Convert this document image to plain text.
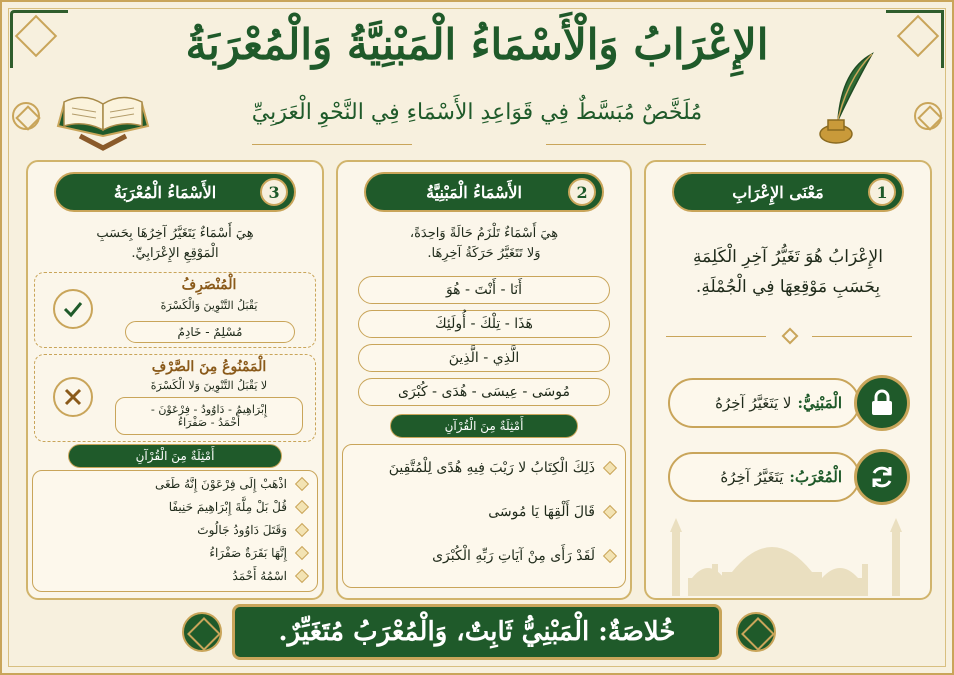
الإِعْرَابُ وَالْأَسْمَاءُ الْمَبْنِيَّةُ وَالْمُعْرَبَةُ
مُلَخَّصٌ مُبَسَّطٌ فِي قَوَاعِدِ الأَسْمَاءِ فِي النَّحْوِ الْعَرَبِيِّ
1
مَعْنَى الإِعْرَابِ
الإِعْرَابُ هُوَ تَغَيُّرُ آخِرِ الْكَلِمَةِ
بِحَسَبِ مَوْقِعِهَا فِي الْجُمْلَةِ.
الْمَبْنِيُّ:
لا يَتَغَيَّرُ آخِرُهُ
الْمُعْرَبُ:
يَتَغَيَّرُ آخِرُهُ
2
الأَسْمَاءُ الْمَبْنِيَّةُ
هِيَ أَسْمَاءٌ تَلْزَمُ حَالَةً وَاحِدَةً،
وَلا تَتَغَيَّرُ حَرَكَةُ آخِرِهَا.
أَنَا - أَنْتَ - هُوَ
هَذَا - تِلْكَ - أُولَئِكَ
الَّذِي - الَّذِينَ
مُوسَى - عِيسَى - هُدَى - كُبْرَى
أَمْثِلَةٌ مِنَ الْقُرْآنِ
ذَلِكَ الْكِتَابُ لا رَيْبَ فِيهِ هُدًى لِلْمُتَّقِينَ
قَالَ أَلْقِهَا يَا مُوسَى
لَقَدْ رَأَى مِنْ آيَاتِ رَبِّهِ الْكُبْرَى
3
الأَسْمَاءُ الْمُعْرَبَةُ
هِيَ أَسْمَاءٌ يَتَغَيَّرُ آخِرُهَا بِحَسَبِ
الْمَوْقِعِ الإِعْرَابِيِّ.
الْمُنْصَرِفُ
يَقْبَلُ التَّنْوِينَ وَالْكَسْرَةَ
مُسْلِمٌ - خَادِمٌ
الْمَمْنُوعُ مِنَ الصَّرْفِ
لا يَقْبَلُ التَّنْوِينَ وَلا الْكَسْرَةَ
إِبْرَاهِيمُ - دَاوُودُ - فِرْعَوْنَ -
أَحْمَدُ - صَفْرَاءُ
أَمْثِلَةٌ مِنَ الْقُرْآنِ
اذْهَبْ إِلَى فِرْعَوْنَ إِنَّهُ طَغَى
قُلْ بَلْ مِلَّةَ إِبْرَاهِيمَ حَنِيفًا
وَقَتَلَ دَاوُودُ جَالُوتَ
إِنَّهَا بَقَرَةٌ صَفْرَاءُ
اسْمُهُ أَحْمَدُ
خُلاصَةٌ: الْمَبْنِيُّ ثَابِتٌ، وَالْمُعْرَبُ مُتَغَيِّرٌ.
